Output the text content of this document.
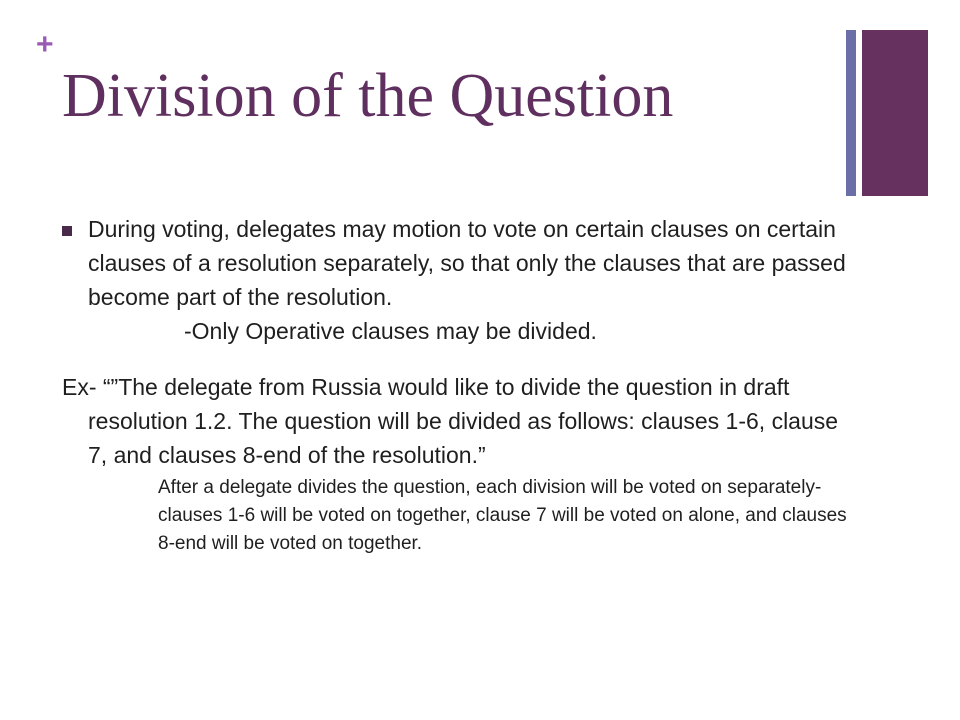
+
Division of the Question
During voting, delegates may motion to vote on certain clauses on certain clauses of a resolution separately, so that only the clauses that are passed become part of the resolution.
-Only Operative clauses may be divided.
Ex- “”The delegate from Russia would like to divide the question in draft resolution 1.2. The question will be divided as follows: clauses 1-6, clause 7, and clauses 8-end of the resolution.”
After a delegate divides the question, each division will be voted on separately- clauses 1-6 will be voted on together, clause 7 will be voted on alone, and clauses 8-end will be voted on together.
